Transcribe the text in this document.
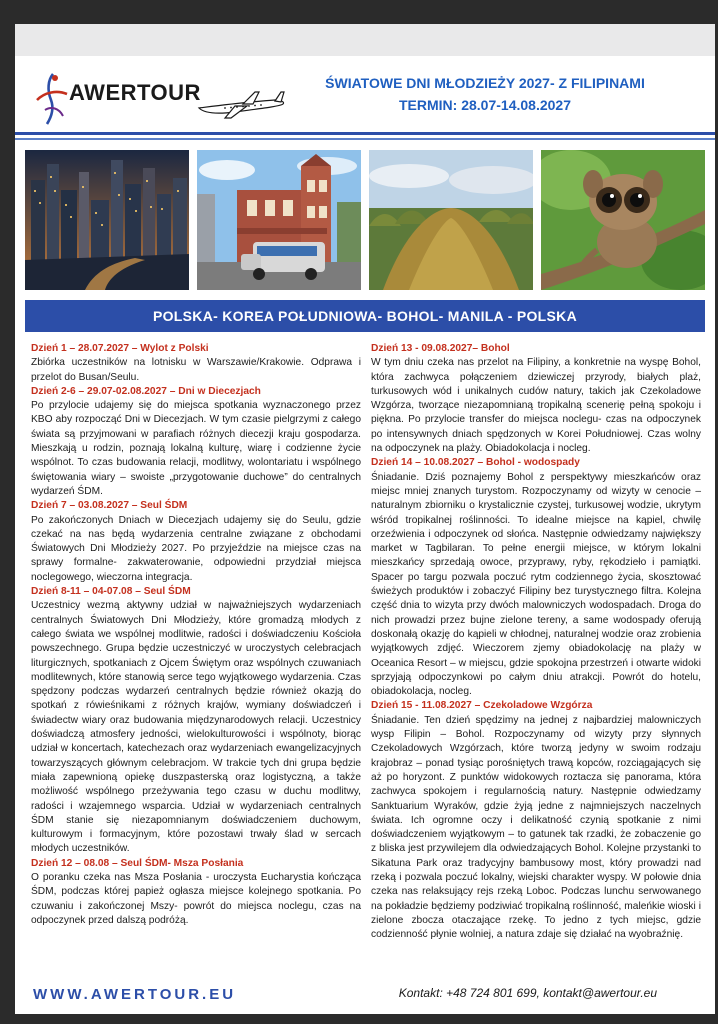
AWERTOUR	ŚWIATOWE DNI MŁODZIEŻY 2027- Z FILIPINAMI
TERMIN: 28.07-14.08.2027
POLSKA- KOREA POŁUDNIOWA- BOHOL- MANILA - POLSKA
Dzień 1 – 28.07.2027 – Wylot z Polski
Zbiórka uczestników na lotnisku w Warszawie/Krakowie. Odprawa i przelot do Busan/Seulu.
Dzień 2-6 – 29.07-02.08.2027 – Dni w Diecezjach
Po przylocie udajemy się do miejsca spotkania wyznaczonego przez KBO aby rozpocząć Dni w Diecezjach. W tym czasie pielgrzymi z całego świata są przyjmowani w parafiach różnych diecezji kraju gospodarza. Mieszkają u rodzin, poznają lokalną kulturę, wiarę i codzienne życie wspólnot. To czas budowania relacji, modlitwy, wolontariatu i wspólnego świętowania wiary – swoiste „przygotowanie duchowe” do centralnych wydarzeń ŚDM.
Dzień 7 – 03.08.2027 – Seul ŚDM
Po zakończonych Dniach w Diecezjach udajemy się do Seulu, gdzie czekać na nas będą wydarzenia centralne związane z obchodami Światowych Dni Młodzieży 2027. Po przyjeździe na miejsce czas na sprawy formalne- zakwaterowanie, odpowiedni przydział miejsca noclegowego, wieczorna integracja.
Dzień 8-11 – 04-07.08 – Seul ŚDM
Uczestnicy wezmą aktywny udział w najważniejszych wydarzeniach centralnych Światowych Dni Młodzieży, które gromadzą młodych z całego świata we wspólnej modlitwie, radości i doświadczeniu Kościoła powszechnego. Grupa będzie uczestniczyć w uroczystych celebracjach liturgicznych, spotkaniach z Ojcem Świętym oraz wspólnych czuwaniach modlitewnych, które stanowią serce tego wyjątkowego wydarzenia. Czas spędzony podczas wydarzeń centralnych będzie również okazją do spotkań z rówieśnikami z różnych krajów, wymiany doświadczeń i świadectw wiary oraz budowania międzynarodowych relacji. Uczestnicy doświadczą atmosfery jedności, wielokulturowości i wspólnoty, biorąc udział w koncertach, katechezach oraz wydarzeniach ewangelizacyjnych towarzyszących głównym celebracjom. W trakcie tych dni grupa będzie miała zapewnioną opiekę duszpasterską oraz logistyczną, a także możliwość wspólnego przeżywania tego czasu w duchu modlitwy, radości i wzajemnego wsparcia. Udział w wydarzeniach centralnych ŚDM stanie się niezapomnianym doświadczeniem duchowym, kulturowym i formacyjnym, które pozostawi trwały ślad w sercach młodych uczestników.
Dzień 12 – 08.08 – Seul ŚDM- Msza Posłania
O poranku czeka nas Msza Posłania - uroczysta Eucharystia kończąca ŚDM, podczas której papież ogłasza miejsce kolejnego spotkania. Po czuwaniu i zakończonej Mszy- powrót do miejsca noclegu, czas na odpoczynek przed dalszą podróżą.
Dzień 13 - 09.08.2027– Bohol
W tym dniu czeka nas przelot na Filipiny, a konkretnie na wyspę Bohol, która zachwyca połączeniem dziewiczej przyrody, białych plaż, turkusowych wód i unikalnych cudów natury, takich jak Czekoladowe Wzgórza, tworzące niezapomnianą tropikalną scenerię pełną spokoju i piękna. Po przylocie transfer do miejsca noclegu- czas na odpoczynek po intensywnych dniach spędzonych w Korei Południowej. Czas wolny na odpoczynek na plaży. Obiadokolacja i nocleg.
Dzień 14 – 10.08.2027 – Bohol - wodospady
Śniadanie. Dziś poznajemy Bohol z perspektywy mieszkańców oraz miejsc mniej znanych turystom. Rozpoczynamy od wizyty w cenocie – naturalnym zbiorniku o krystalicznie czystej, turkusowej wodzie, ukrytym wśród tropikalnej roślinności. To idealne miejsce na kąpiel, chwilę orzeźwienia i odpoczynek od słońca. Następnie odwiedzamy największy market w Tagbilaran. To pełne energii miejsce, w którym lokalni mieszkańcy sprzedają owoce, przyprawy, ryby, rękodzieło i pamiątki. Spacer po targu pozwala poczuć rytm codziennego życia, skosztować świeżych produktów i zobaczyć Filipiny bez turystycznego filtra. Kolejna część dnia to wizyta przy dwóch malowniczych wodospadach. Droga do nich prowadzi przez bujne zielone tereny, a same wodospady oferują doskonałą okazję do kąpieli w chłodnej, naturalnej wodzie oraz zrobienia wyjątkowych zdjęć. Wieczorem zjemy obiadokolację na plaży w Oceanica Resort – w miejscu, gdzie spokojna przestrzeń i otwarte widoki sprzyjają odpoczynkowi po całym dniu atrakcji. Powrót do hotelu, obiadokolacja, nocleg.
Dzień 15 - 11.08.2027 – Czekoladowe Wzgórza
Śniadanie. Ten dzień spędzimy na jednej z najbardziej malowniczych wysp Filipin – Bohol. Rozpoczynamy od wizyty przy słynnych Czekoladowych Wzgórzach, które tworzą jedyny w swoim rodzaju krajobraz – ponad tysiąc porośniętych trawą kopców, rozciągających się aż po horyzont. Z punktów widokowych roztacza się panorama, która zachwyca spokojem i regularnością natury. Następnie odwiedzamy Sanktuarium Wyraków, gdzie żyją jedne z najmniejszych naczelnych świata. Ich ogromne oczy i delikatność czynią spotkanie z nimi doświadczeniem wyjątkowym – to gatunek tak rzadki, że zobaczenie go z bliska jest przywilejem dla odwiedzających Bohol. Kolejne przystanki to Sikatuna Park oraz tradycyjny bambusowy most, który prowadzi nad rzeką i pozwala poczuć lokalny, wiejski charakter wyspy. W połowie dnia czeka nas relaksujący rejs rzeką Loboc. Podczas lunchu serwowanego na pokładzie będziemy podziwiać tropikalną roślinność, maleńkie wioski i zielone zbocza otaczające rzekę. To jedno z tych miejsc, gdzie codzienność płynie wolniej, a natura zdaje się działać na wyobraźnię.
WWW.AWERTOUR.EU	Kontakt: +48 724 801 699, kontakt@awertour.eu
